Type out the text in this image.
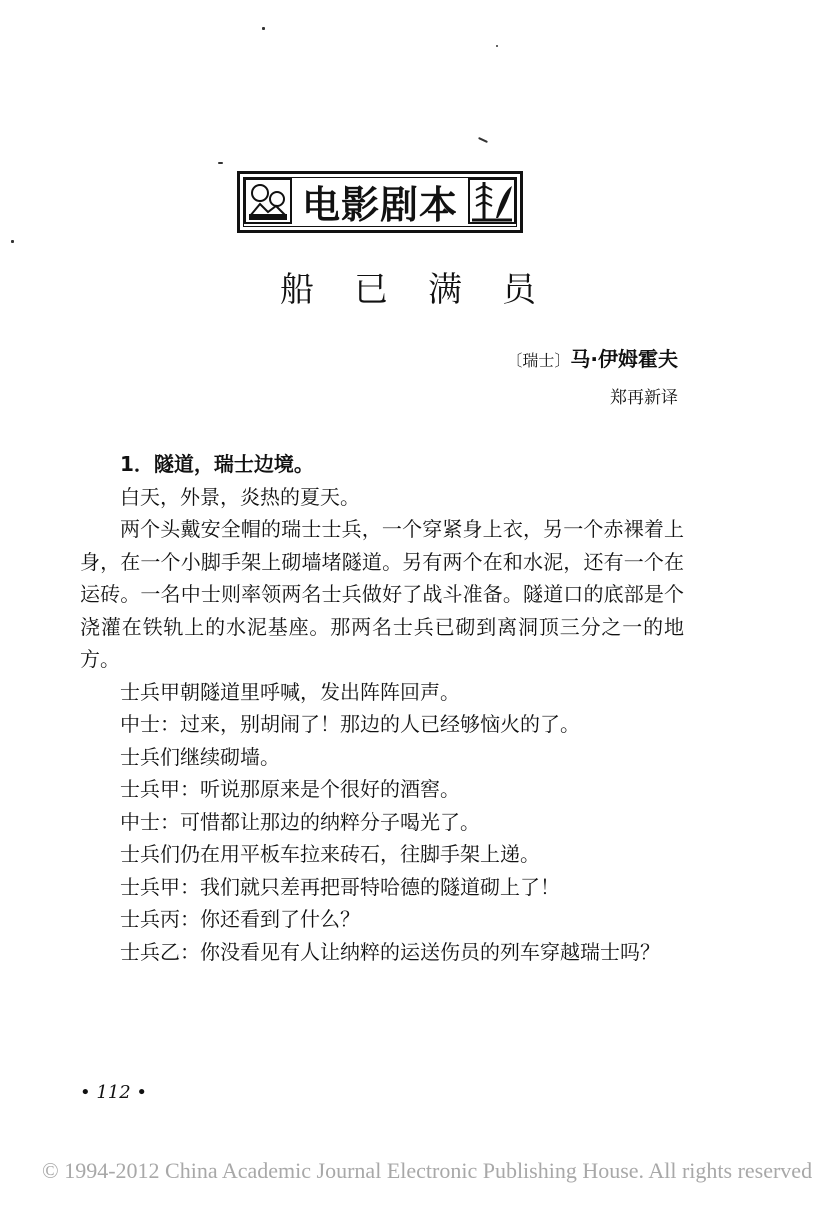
电影剧本
船 已 满 员
〔瑞士〕马·伊姆霍夫
郑再新译

1．隧道，瑞士边境。

白天，外景，炎热的夏天。

两个头戴安全帽的瑞士士兵，一个穿紧身上衣，另一个赤裸着上身，在一个小脚手架上砌墙堵隧道。另有两个在和水泥，还有一个在运砖。一名中士则率领两名士兵做好了战斗准备。隧道口的底部是个浇灌在铁轨上的水泥基座。那两名士兵已砌到离洞顶三分之一的地方。

士兵甲朝隧道里呼喊，发出阵阵回声。

中士：过来，别胡闹了！那边的人已经够恼火的了。

士兵们继续砌墙。

士兵甲：听说那原来是个很好的酒窖。

中士：可惜都让那边的纳粹分子喝光了。

士兵们仍在用平板车拉来砖石，往脚手架上递。

士兵甲：我们就只差再把哥特哈德的隧道砌上了！

士兵丙：你还看到了什么？

士兵乙：你没看见有人让纳粹的运送伤员的列车穿越瑞士吗？

• 112 •
© 1994-2012 China Academic Journal Electronic Publishing House. All rights reserved
